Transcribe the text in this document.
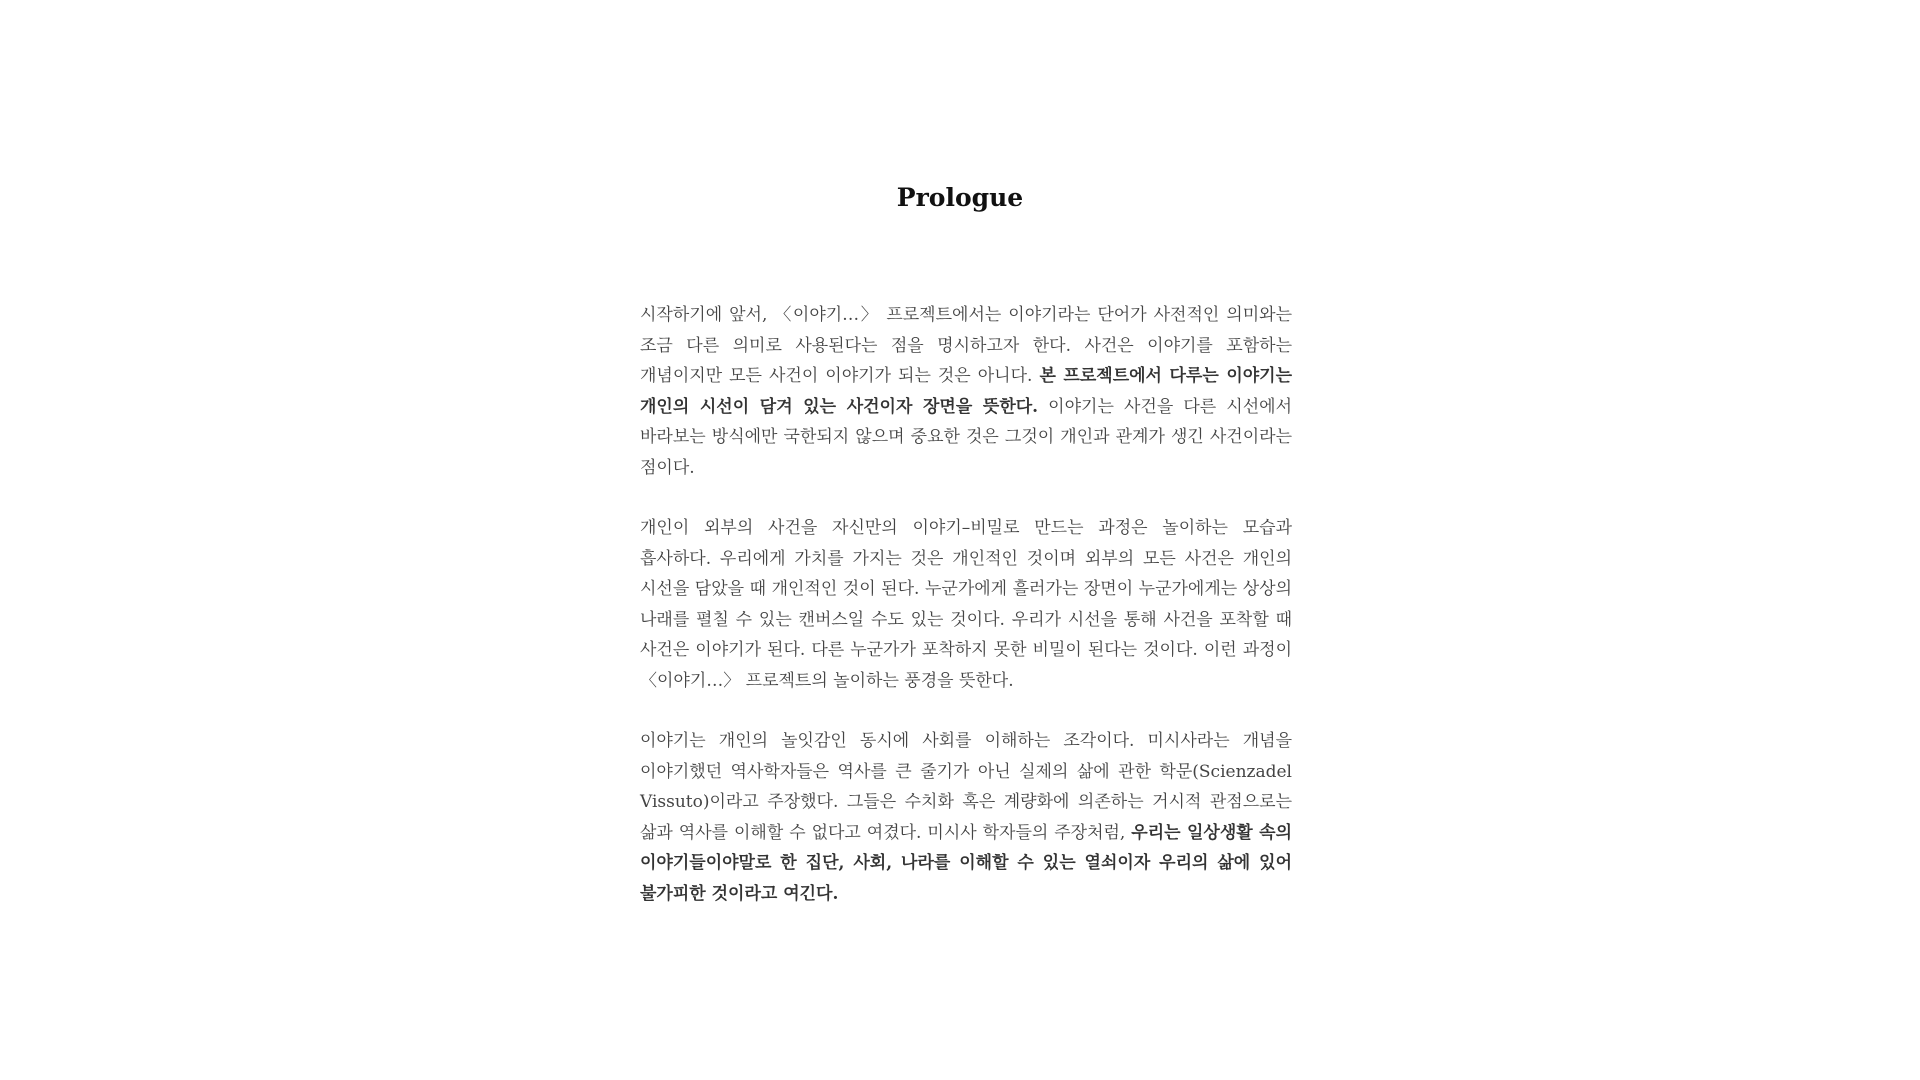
Prologue

시작하기에 앞서, 〈이야기…〉 프로젝트에서는 이야기라는 단어가 사전적인 의미와는 조금 다른 의미로 사용된다는 점을 명시하고자 한다. 사건은 이야기를 포함하는 개념이지만 모든 사건이 이야기가 되는 것은 아니다. 본 프로젝트에서 다루는 이야기는 개인의 시선이 담겨 있는 사건이자 장면을 뜻한다. 이야기는 사건을 다른 시선에서 바라보는 방식에만 국한되지 않으며 중요한 것은 그것이 개인과 관계가 생긴 사건이라는 점이다.

개인이 외부의 사건을 자신만의 이야기–비밀로 만드는 과정은 놀이하는 모습과 흡사하다. 우리에게 가치를 가지는 것은 개인적인 것이며 외부의 모든 사건은 개인의 시선을 담았을 때 개인적인 것이 된다. 누군가에게 흘러가는 장면이 누군가에게는 상상의 나래를 펼칠 수 있는 캔버스일 수도 있는 것이다. 우리가 시선을 통해 사건을 포착할 때 사건은 이야기가 된다. 다른 누군가가 포착하지 못한 비밀이 된다는 것이다. 이런 과정이 〈이야기…〉 프로젝트의 놀이하는 풍경을 뜻한다.

이야기는 개인의 놀잇감인 동시에 사회를 이해하는 조각이다. 미시사라는 개념을 이야기했던 역사학자들은 역사를 큰 줄기가 아닌 실제의 삶에 관한 학문(Scienzadel Vissuto)이라고 주장했다. 그들은 수치화 혹은 계량화에 의존하는 거시적 관점으로는 삶과 역사를 이해할 수 없다고 여겼다. 미시사 학자들의 주장처럼, 우리는 일상생활 속의 이야기들이야말로 한 집단, 사회, 나라를 이해할 수 있는 열쇠이자 우리의 삶에 있어 불가피한 것이라고 여긴다.
